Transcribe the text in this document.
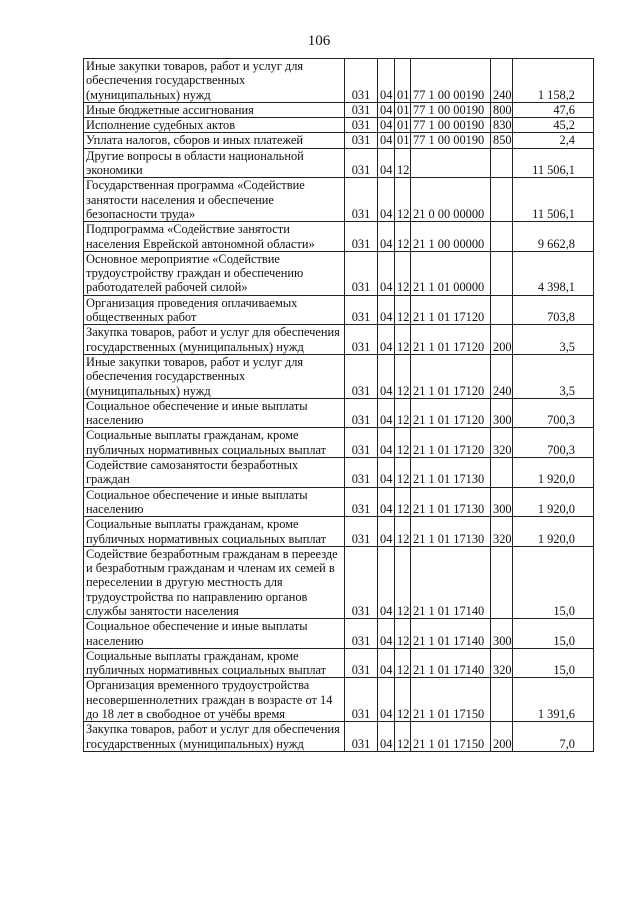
106
Иные закупки товаров, работ и услуг для обеспечения государственных (муниципальных) нужд	031	04	01	77 1 00 00190	240	1 158,2
Иные бюджетные ассигнования	031	04	01	77 1 00 00190	800	47,6
Исполнение судебных актов	031	04	01	77 1 00 00190	830	45,2
Уплата налогов, сборов и иных платежей	031	04	01	77 1 00 00190	850	2,4
Другие вопросы в области национальной экономики	031	04	12			11 506,1
Государственная программа «Содействие занятости населения и обеспечение безопасности труда»	031	04	12	21 0 00 00000		11 506,1
Подпрограмма «Содействие занятости населения Еврейской автономной области»	031	04	12	21 1 00 00000		9 662,8
Основное мероприятие «Содействие трудоустройству граждан и обеспечению работодателей рабочей силой»	031	04	12	21 1 01 00000		4 398,1
Организация проведения оплачиваемых общественных работ	031	04	12	21 1 01 17120		703,8
Закупка товаров, работ и услуг для обеспечения государственных (муниципальных) нужд	031	04	12	21 1 01 17120	200	3,5
Иные закупки товаров, работ и услуг для обеспечения государственных (муниципальных) нужд	031	04	12	21 1 01 17120	240	3,5
Социальное обеспечение и иные выплаты населению	031	04	12	21 1 01 17120	300	700,3
Социальные выплаты гражданам, кроме публичных нормативных социальных выплат	031	04	12	21 1 01 17120	320	700,3
Содействие самозанятости безработных граждан	031	04	12	21 1 01 17130		1 920,0
Социальное обеспечение и иные выплаты населению	031	04	12	21 1 01 17130	300	1 920,0
Социальные выплаты гражданам, кроме публичных нормативных социальных выплат	031	04	12	21 1 01 17130	320	1 920,0
Содействие безработным гражданам в переезде и безработным гражданам и членам их семей в переселении в другую местность для трудоустройства по направлению органов службы занятости населения	031	04	12	21 1 01 17140		15,0
Социальное обеспечение и иные выплаты населению	031	04	12	21 1 01 17140	300	15,0
Социальные выплаты гражданам, кроме публичных нормативных социальных выплат	031	04	12	21 1 01 17140	320	15,0
Организация временного трудоустройства несовершеннолетних граждан в возрасте от 14 до 18 лет в свободное от учёбы время	031	04	12	21 1 01 17150		1 391,6
Закупка товаров, работ и услуг для обеспечения государственных (муниципальных) нужд	031	04	12	21 1 01 17150	200	7,0
